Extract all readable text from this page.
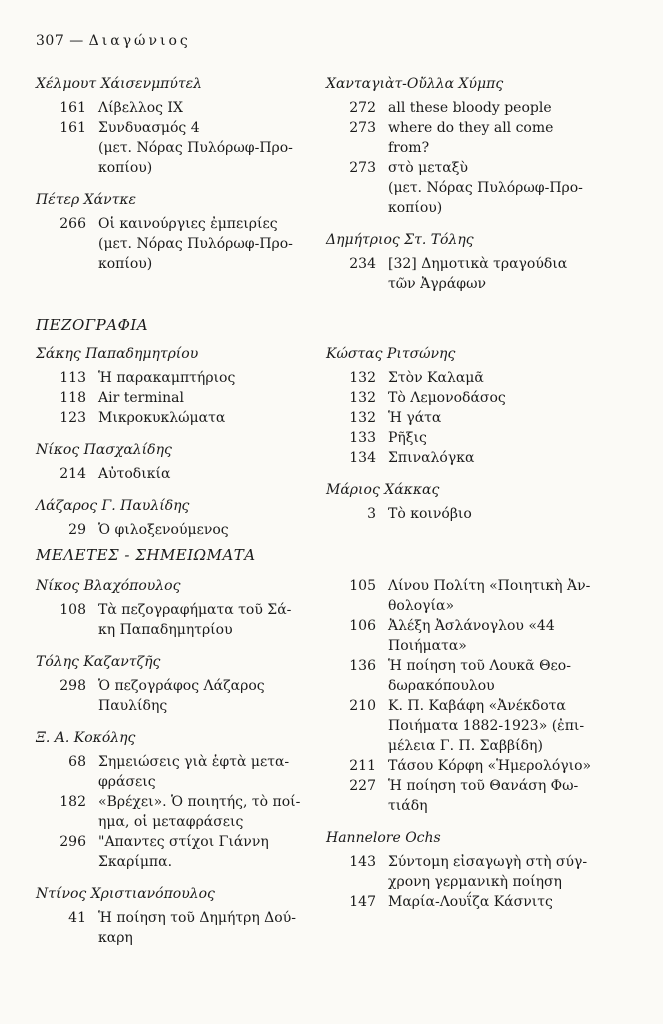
307 — Διαγώνιος
Χέλμουτ Χάισενμπύτελ
161 Λίβελλος IX
161 Συνδυασμός 4
(μετ. Νόρας Πυλόρωφ-Προ-
κοπίου)
Πέτερ Χάντκε
266 Οἱ καινούργιες ἐμπειρίες
(μετ. Νόρας Πυλόρωφ-Προ-
κοπίου)
Χανταγιὰτ-Οὔλλα Χύμπς
272 all these bloody people
273 where do they all come
from?
273 στὸ μεταξὺ
(μετ. Νόρας Πυλόρωφ-Προ-
κοπίου)
Δημήτριος Στ. Τόλης
234 [32] Δημοτικὰ τραγούδια
τῶν Ἀγράφων
ΠΕΖΟΓΡΑΦΙΑ
Σάκης Παπαδημητρίου
113 Ἡ παρακαμπτήριος
118 Air terminal
123 Μικροκυκλώματα
Νίκος Πασχαλίδης
214 Αὐτοδικία
Λάζαρος Γ. Παυλίδης
29 Ὁ φιλοξενούμενος
Κώστας Ριτσώνης
132 Στὸν Καλαμᾶ
132 Τὸ Λεμονοδάσος
132 Ἡ γάτα
133 Ρῆξις
134 Σπιναλόγκα
Μάριος Χάκκας
3 Τὸ κοινόβιο
ΜΕΛΕΤΕΣ - ΣΗΜΕΙΩΜΑΤΑ
Νίκος Βλαχόπουλος
108 Τὰ πεζογραφήματα τοῦ Σά-
κη Παπαδημητρίου
Τόλης Καζαντζῆς
298 Ὁ πεζογράφος Λάζαρος
Παυλίδης
Ξ. Α. Κοκόλης
68 Σημειώσεις γιὰ ἑφτὰ μετα-
φράσεις
182 «Βρέχει». Ὁ ποιητής, τὸ ποί-
ημα, οἱ μεταφράσεις
296 "Απαντες στίχοι Γιάννη
Σκαρίμπα.
Ντίνος Χριστιανόπουλος
41 Ἡ ποίηση τοῦ Δημήτρη Δού-
καρη
105 Λίνου Πολίτη «Ποιητικὴ Ἀν-
θολογία»
106 Ἀλέξη Ἀσλάνογλου «44
Ποιήματα»
136 Ἡ ποίηση τοῦ Λουκᾶ Θεο-
δωρακόπουλου
210 Κ. Π. Καβάφη «Ἀνέκδοτα
Ποιήματα 1882-1923» (ἐπι-
μέλεια Γ. Π. Σαββίδη)
211 Τάσου Κόρφη «Ἡμερολόγιο»
227 Ἡ ποίηση τοῦ Θανάση Φω-
τιάδη
Hannelore Ochs
143 Σύντομη εἰσαγωγὴ στὴ σύγ-
χρονη γερμανικὴ ποίηση
147 Μαρία-Λουΐζα Κάσνιτς
